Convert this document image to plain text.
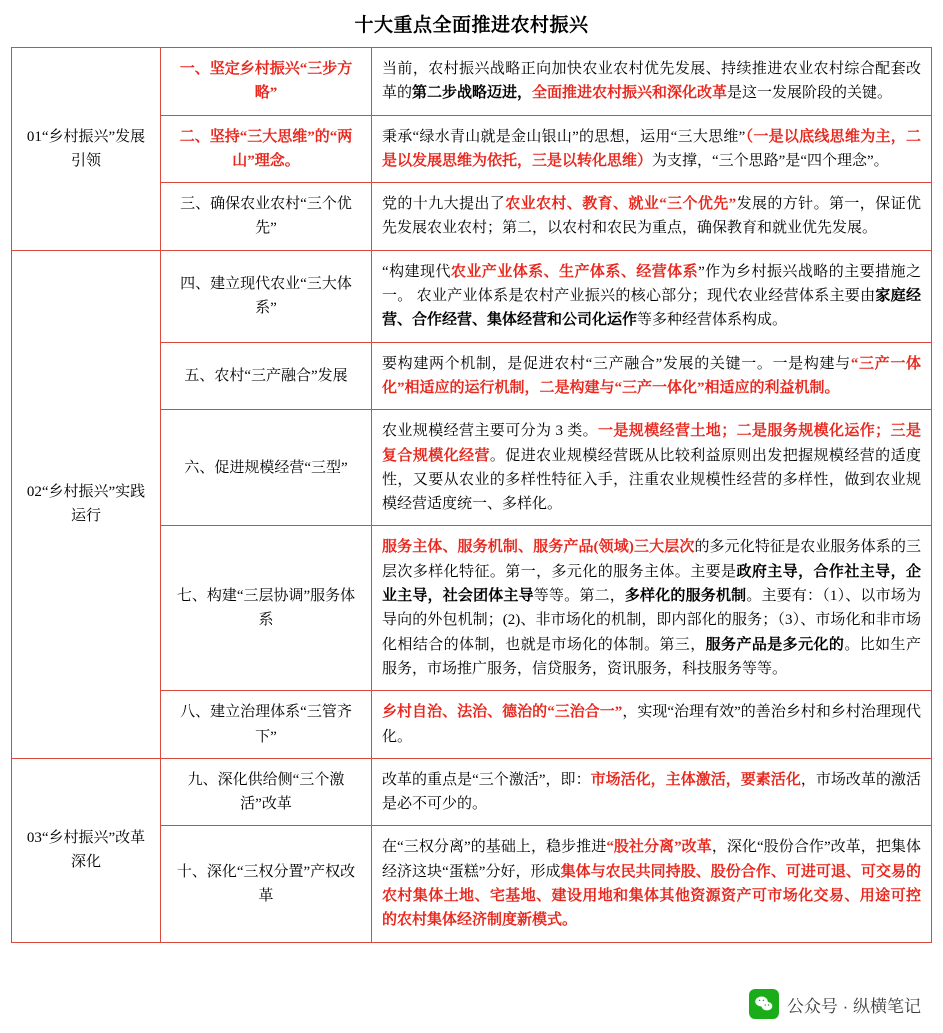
十大重点全面推进农村振兴
01“乡村振兴”发展引领	一、坚定乡村振兴“三步方略”	当前，农村振兴战略正向加快农业农村优先发展、持续推进农业农村综合配套改革的第二步战略迈进，全面推进农村振兴和深化改革是这一发展阶段的关键。
	二、坚持“三大思维”的“两山”理念。	秉承“绿水青山就是金山银山”的思想，运用“三大思维”（一是以底线思维为主，二是以发展思维为依托，三是以转化思维）为支撑，“三个思路”是“四个理念”。
	三、确保农业农村“三个优先”	党的十九大提出了农业农村、教育、就业“三个优先”发展的方针。第一，保证优先发展农业农村；第二，以农村和农民为重点，确保教育和就业优先发展。
02“乡村振兴”实践运行	四、建立现代农业“三大体系”	“构建现代农业产业体系、生产体系、经营体系”作为乡村振兴战略的主要措施之一。 农业产业体系是农村产业振兴的核心部分；现代农业经营体系主要由家庭经营、合作经营、集体经营和公司化运作等多种经营体系构成。
	五、农村“三产融合”发展	要构建两个机制，是促进农村“三产融合”发展的关键一。一是构建与“三产一体化”相适应的运行机制，二是构建与“三产一体化”相适应的利益机制。
	六、促进规模经营“三型”	农业规模经营主要可分为 3 类。一是规模经营土地；二是服务规模化运作；三是复合规模化经营。促进农业规模经营既从比较利益原则出发把握规模经营的适度性，又要从农业的多样性特征入手，注重农业规模性经营的多样性，做到农业规模经营适度统一、多样化。
	七、构建“三层协调”服务体系	服务主体、服务机制、服务产品(领域)三大层次的多元化特征是农业服务体系的三层次多样化特征。第一，多元化的服务主体。主要是政府主导，合作社主导，企业主导，社会团体主导等等。第二，多样化的服务机制。主要有：（1）、以市场为导向的外包机制；(2)、非市场化的机制，即内部化的服务；（3）、市场化和非市场化相结合的体制，也就是市场化的体制。第三，服务产品是多元化的。比如生产服务，市场推广服务，信贷服务，资讯服务，科技服务等等。
	八、建立治理体系“三管齐下”	乡村自治、法治、德治的“三治合一”，实现“治理有效”的善治乡村和乡村治理现代化。
03“乡村振兴”改革深化	九、深化供给侧“三个激活”改革	改革的重点是“三个激活”，即：市场活化，主体激活，要素活化，市场改革的激活是必不可少的。
	十、深化“三权分置”产权改革	在“三权分离”的基础上，稳步推进“股社分离”改革，深化“股份合作”改革，把集体经济这块“蛋糕”分好，形成集体与农民共同持股、股份合作、可进可退、可交易的农村集体土地、宅基地、建设用地和集体其他资源资产可市场化交易、用途可控的农村集体经济制度新模式。
公众号 · 纵横笔记
